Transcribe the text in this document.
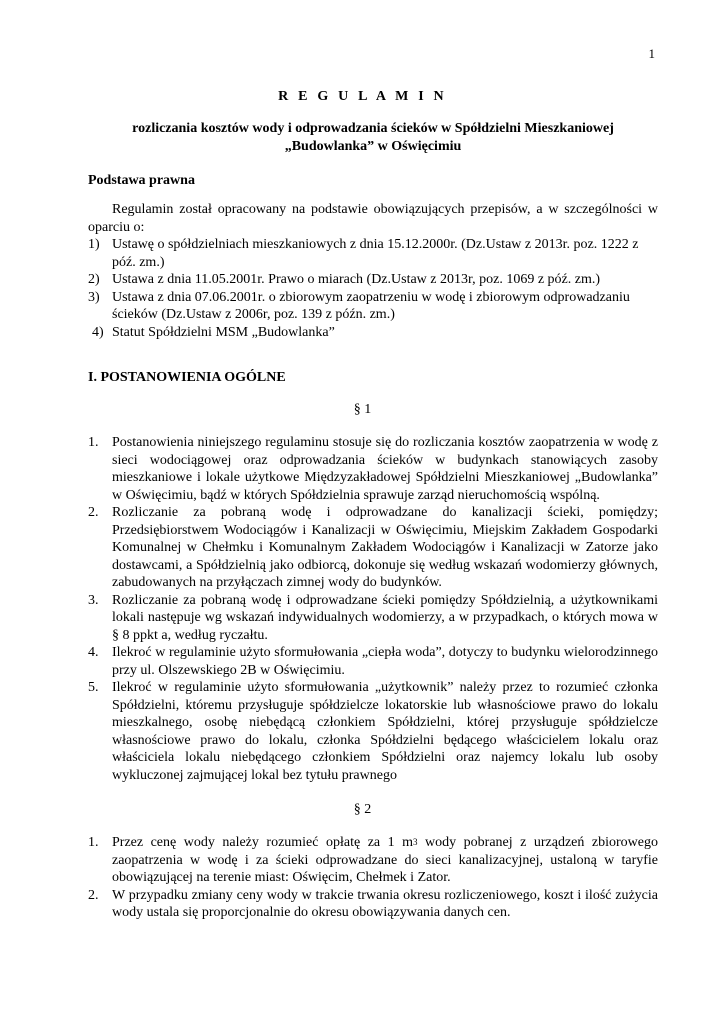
1
R E G U L A M I N
rozliczania kosztów wody i odprowadzania ścieków w Spółdzielni Mieszkaniowej
„Budowlanka” w Oświęcimiu
Podstawa prawna
Regulamin został opracowany na podstawie obowiązujących przepisów, a w szczególności w oparciu o:
1) Ustawę o spółdzielniach mieszkaniowych z dnia 15.12.2000r. (Dz.Ustaw z 2013r. poz. 1222 z póź. zm.)
2) Ustawa z dnia 11.05.2001r. Prawo o miarach (Dz.Ustaw z 2013r, poz. 1069 z póź. zm.)
3) Ustawa z dnia 07.06.2001r. o zbiorowym zaopatrzeniu w wodę i zbiorowym odprowadzaniu ścieków (Dz.Ustaw z 2006r, poz. 139 z późn. zm.)
4) Statut Spółdzielni MSM „Budowlanka”
I. POSTANOWIENIA OGÓLNE
§ 1
1. Postanowienia niniejszego regulaminu stosuje się do rozliczania kosztów zaopatrzenia w wodę z sieci wodociągowej oraz odprowadzania ścieków w budynkach stanowiących zasoby mieszkaniowe i lokale użytkowe Międzyzakładowej Spółdzielni Mieszkaniowej „Budowlanka” w Oświęcimiu, bądź w których Spółdzielnia sprawuje zarząd nieruchomością wspólną.
2. Rozliczanie za pobraną wodę i odprowadzane do kanalizacji ścieki, pomiędzy; Przedsiębiorstwem Wodociągów i Kanalizacji w Oświęcimiu, Miejskim Zakładem Gospodarki Komunalnej w Chełmku i Komunalnym Zakładem Wodociągów i Kanalizacji w Zatorze jako dostawcami, a Spółdzielnią jako odbiorcą, dokonuje się według wskazań wodomierzy głównych, zabudowanych na przyłączach zimnej wody do budynków.
3. Rozliczanie za pobraną wodę i odprowadzane ścieki pomiędzy Spółdzielnią, a użytkownikami lokali następuje wg wskazań indywidualnych wodomierzy, a w przypadkach, o których mowa w § 8 ppkt a, według ryczałtu.
4. Ilekroć w regulaminie użyto sformułowania „ciepła woda”, dotyczy to budynku wielorodzinnego przy ul. Olszewskiego 2B w Oświęcimiu.
5. Ilekroć w regulaminie użyto sformułowania „użytkownik” należy przez to rozumieć członka Spółdzielni, któremu przysługuje spółdzielcze lokatorskie lub własnościowe prawo do lokalu mieszkalnego, osobę niebędącą członkiem Spółdzielni, której przysługuje spółdzielcze własnościowe prawo do lokalu, członka Spółdzielni będącego właścicielem lokalu oraz właściciela lokalu niebędącego członkiem Spółdzielni oraz najemcy lokalu lub osoby wykluczonej zajmującej lokal bez tytułu prawnego
§ 2
1. Przez cenę wody należy rozumieć opłatę za 1 $m^3$ wody pobranej z urządzeń zbiorowego zaopatrzenia w wodę i za ścieki odprowadzane do sieci kanalizacyjnej, ustaloną w taryfie obowiązującej na terenie miast: Oświęcim, Chełmek i Zator.
2. W przypadku zmiany ceny wody w trakcie trwania okresu rozliczeniowego, koszt i ilość zużycia wody ustala się proporcjonalnie do okresu obowiązywania danych cen.
